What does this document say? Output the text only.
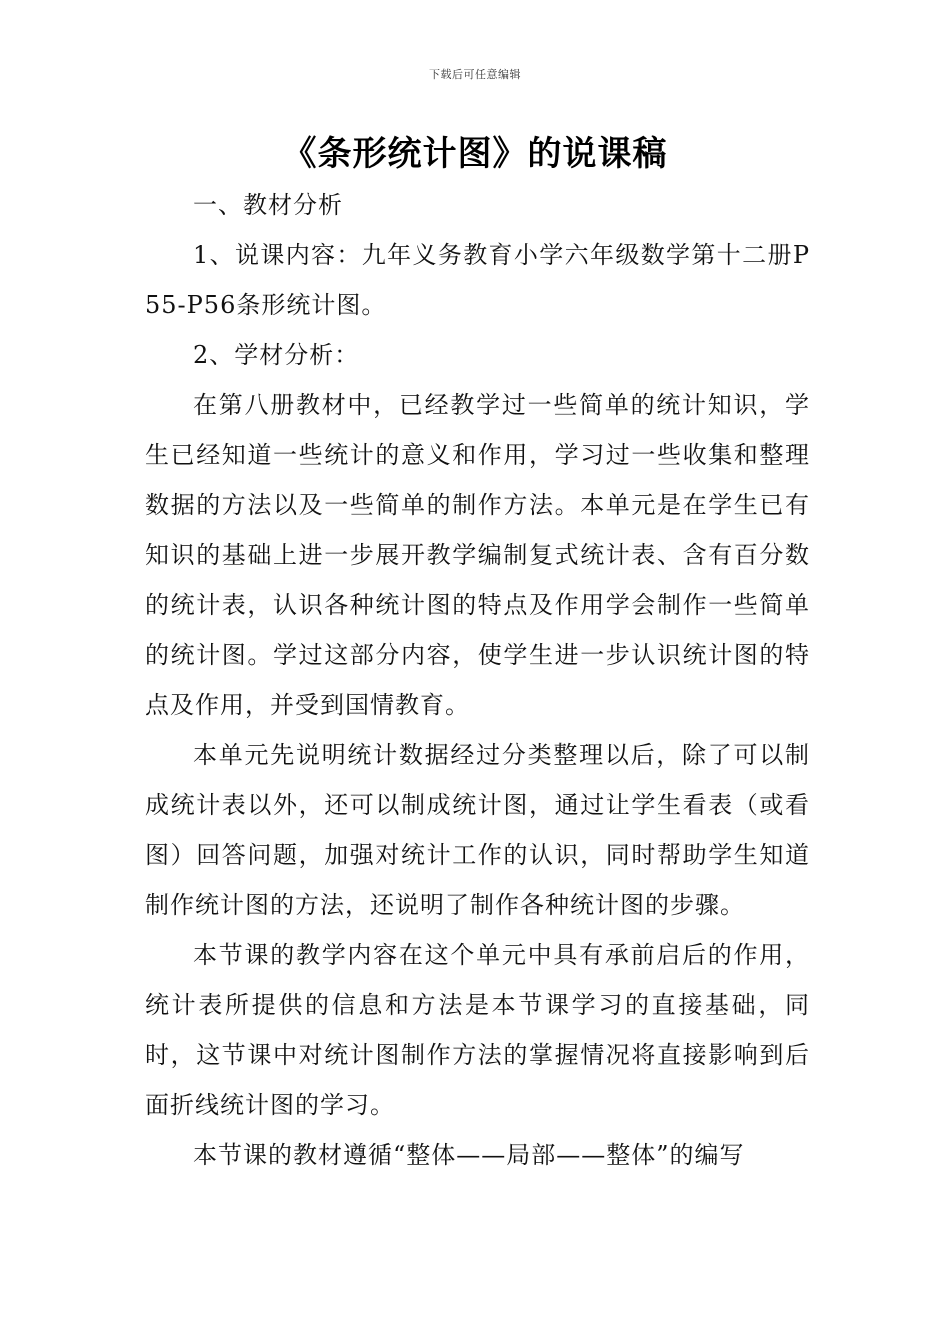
下载后可任意编辑
《条形统计图》的说课稿

一、教材分析

1、说课内容：九年义务教育小学六年级数学第十二册P55-P56条形统计图。

2、学材分析：

在第八册教材中，已经教学过一些简单的统计知识，学生已经知道一些统计的意义和作用，学习过一些收集和整理数据的方法以及一些简单的制作方法。本单元是在学生已有知识的基础上进一步展开教学编制复式统计表、含有百分数的统计表，认识各种统计图的特点及作用学会制作一些简单的统计图。学过这部分内容，使学生进一步认识统计图的特点及作用，并受到国情教育。

本单元先说明统计数据经过分类整理以后，除了可以制成统计表以外，还可以制成统计图，通过让学生看表（或看图）回答问题，加强对统计工作的认识，同时帮助学生知道制作统计图的方法，还说明了制作各种统计图的步骤。

本节课的教学内容在这个单元中具有承前启后的作用，统计表所提供的信息和方法是本节课学习的直接基础，同时，这节课中对统计图制作方法的掌握情况将直接影响到后面折线统计图的学习。

本节课的教材遵循“整体——局部——整体”的编写
